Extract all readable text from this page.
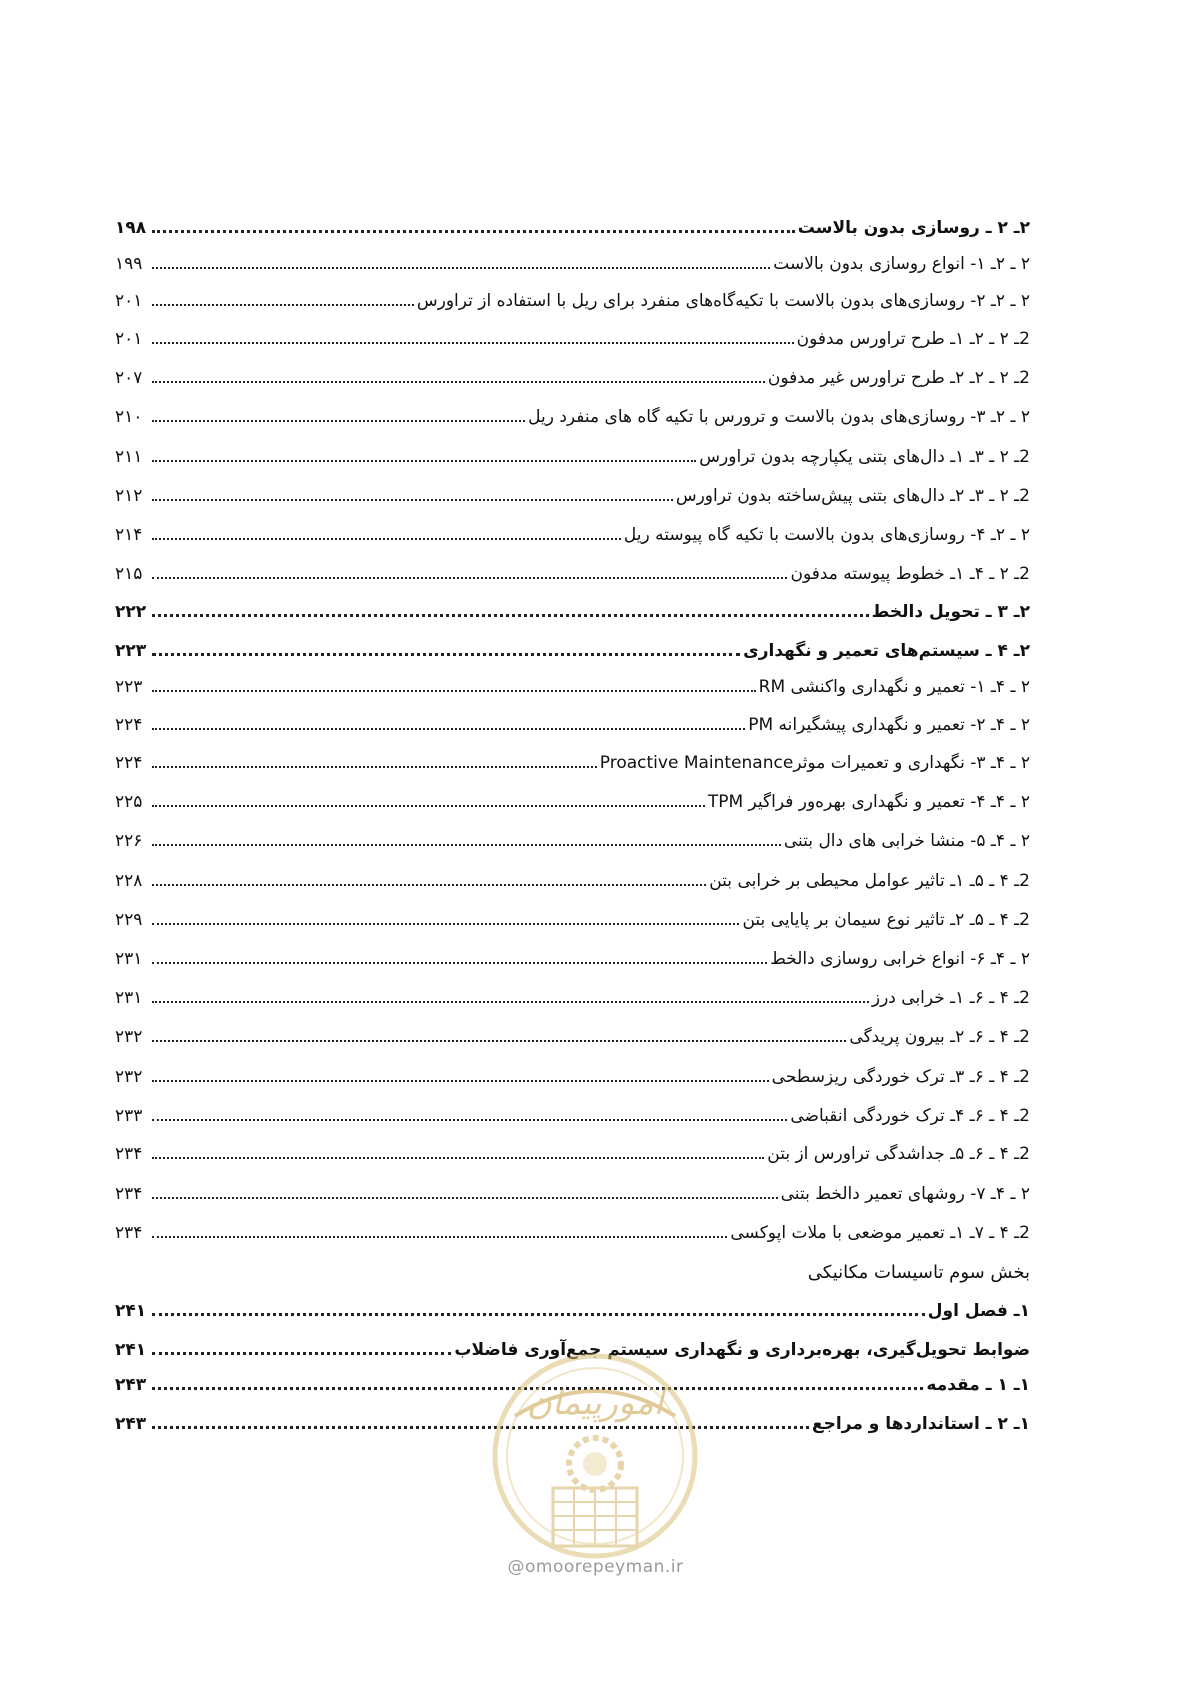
۲ـ ۲ ـ روسازی بدون بالاست
۱۹۸
۲ ـ ۲ـ ۱- انواع روسازی بدون بالاست
۱۹۹
۲ ـ ۲ـ ۲- روسازی‌های بدون بالاست با تکیه‌گاه‌های منفرد برای ریل با استفاده از تراورس
۲۰۱
2ـ ۲ ـ ۲ـ ۱ـ طرح تراورس مدفون
۲۰۱
2ـ ۲ ـ ۲ـ ۲ـ طرح تراورس غیر مدفون
۲۰۷
۲ ـ ۲ـ ۳- روسازی‌های بدون بالاست و ترورس با تکیه گاه های منفرد ریل
۲۱۰
2ـ ۲ ـ ۳ـ ۱ـ دال‌های بتنی یکپارچه بدون تراورس
۲۱۱
2ـ ۲ ـ ۳ـ ۲ـ دال‌های بتنی پیش‌ساخته بدون تراورس
۲۱۲
۲ ـ ۲ـ ۴- روسازی‌های بدون بالاست با تکیه گاه پیوسته ریل
۲۱۴
2ـ ۲ ـ ۴ـ ۱ـ خطوط پیوسته مدفون
۲۱۵
۲ـ ۳ ـ تحویل دالخط
۲۲۲
۲ـ ۴ ـ سیستم‌های تعمیر و نگهداری
۲۲۳
۲ ـ ۴ـ ۱- تعمیر و نگهداری واکنشی RM
۲۲۳
۲ ـ ۴ـ ۲- تعمیر و نگهداری پیشگیرانه PM
۲۲۴
۲ ـ ۴ـ ۳- نگهداری و تعمیرات موثرProactive Maintenance
۲۲۴
۲ ـ ۴ـ ۴- تعمیر و نگهداری بهره‌ور فراگیر TPM
۲۲۵
۲ ـ ۴ـ ۵- منشا خرابی های دال بتنی
۲۲۶
2ـ ۴ ـ ۵ـ ۱ـ تاثیر عوامل محیطی بر خرابی بتن
۲۲۸
2ـ ۴ ـ ۵ـ ۲ـ تاثیر نوع سیمان بر پایایی بتن
۲۲۹
۲ ـ ۴ـ ۶- انواع خرابی روسازی دالخط
۲۳۱
2ـ ۴ ـ ۶ـ ۱ـ خرابی درز
۲۳۱
2ـ ۴ ـ ۶ـ ۲ـ بیرون پریدگی
۲۳۲
2ـ ۴ ـ ۶ـ ۳ـ ترک خوردگی ریزسطحی
۲۳۲
2ـ ۴ ـ ۶ـ ۴ـ ترک خوردگی انقباضی
۲۳۳
2ـ ۴ ـ ۶ـ ۵ـ جداشدگی تراورس از بتن
۲۳۴
۲ ـ ۴ـ ۷- روشهای تعمیر دالخط بتنی
۲۳۴
2ـ ۴ ـ ۷ـ ۱ـ تعمیر موضعی با ملات اپوکسی
۲۳۴
بخش سوم تاسیسات مکانیکی
۱ـ فصل اول
۲۴۱
ضوابط تحویل‌گیری، بهره‌برداری و نگهداری سیستم جمع‌آوری فاضلاب
۲۴۱
۱ـ ۱ ـ مقدمه
۲۴۳
۱ـ ۲ ـ استانداردها و مراجع
۲۴۳
امورپیمان
@omoorepeyman.ir
